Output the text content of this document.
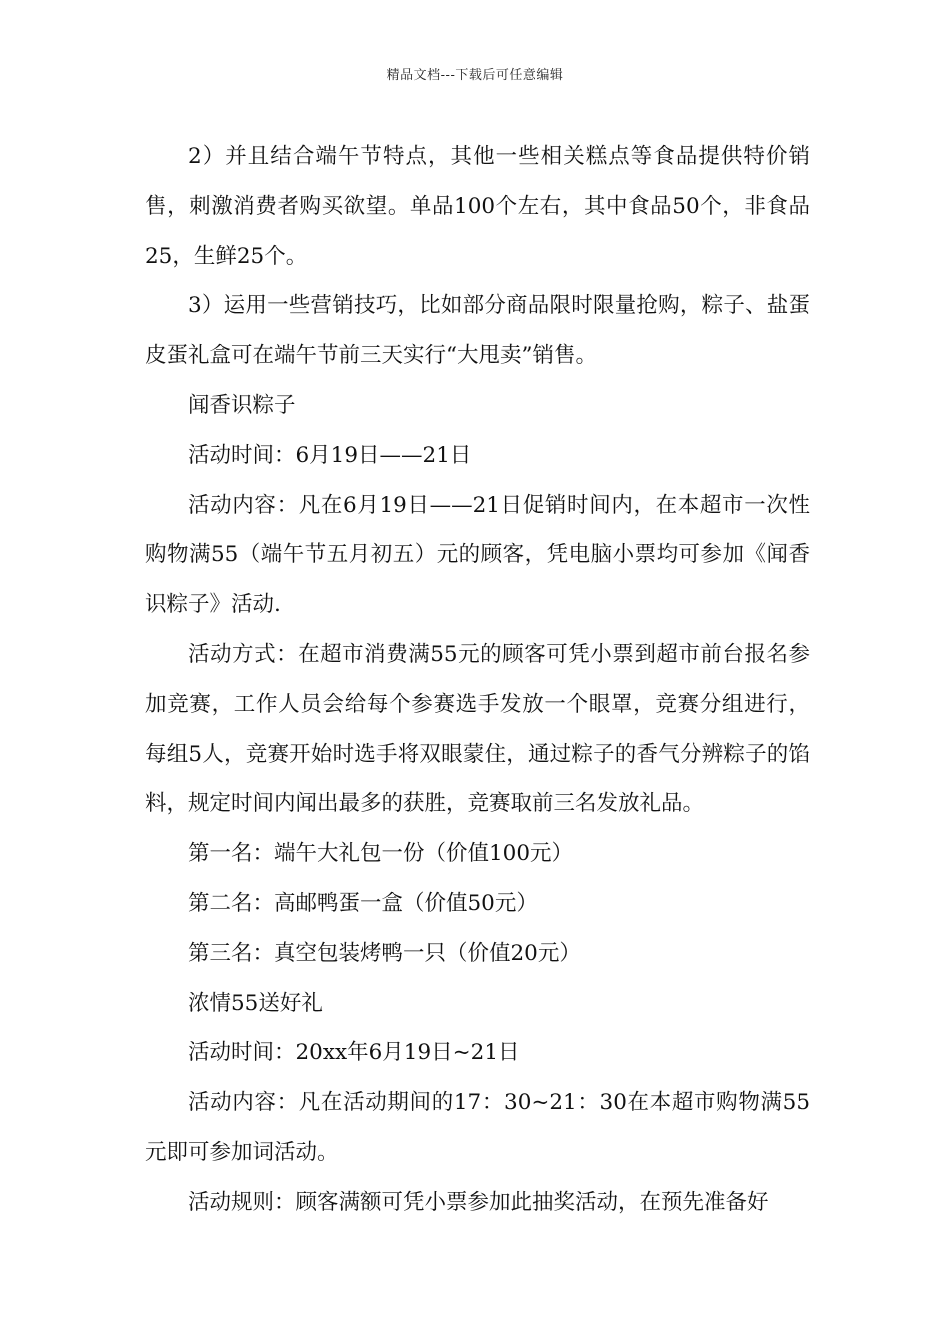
精品文档---下载后可任意编辑

2）并且结合端午节特点，其他一些相关糕点等食品提供特价销售，刺激消费者购买欲望。单品100个左右，其中食品50个，非食品25，生鲜25个。

3）运用一些营销技巧，比如部分商品限时限量抢购，粽子、盐蛋皮蛋礼盒可在端午节前三天实行“大甩卖”销售。

闻香识粽子

活动时间：6月19日——21日

活动内容：凡在6月19日——21日促销时间内，在本超市一次性购物满55（端午节五月初五）元的顾客，凭电脑小票均可参加《闻香识粽子》活动.

活动方式：在超市消费满55元的顾客可凭小票到超市前台报名参加竞赛，工作人员会给每个参赛选手发放一个眼罩，竞赛分组进行，每组5人，竞赛开始时选手将双眼蒙住，通过粽子的香气分辨粽子的馅料，规定时间内闻出最多的获胜，竞赛取前三名发放礼品。

第一名：端午大礼包一份（价值100元）

第二名：高邮鸭蛋一盒（价值50元）

第三名：真空包装烤鸭一只（价值20元）

浓情55送好礼

活动时间：20xx年6月19日~21日

活动内容：凡在活动期间的17：30~21：30在本超市购物满55元即可参加词活动。

活动规则：顾客满额可凭小票参加此抽奖活动，在预先准备好
